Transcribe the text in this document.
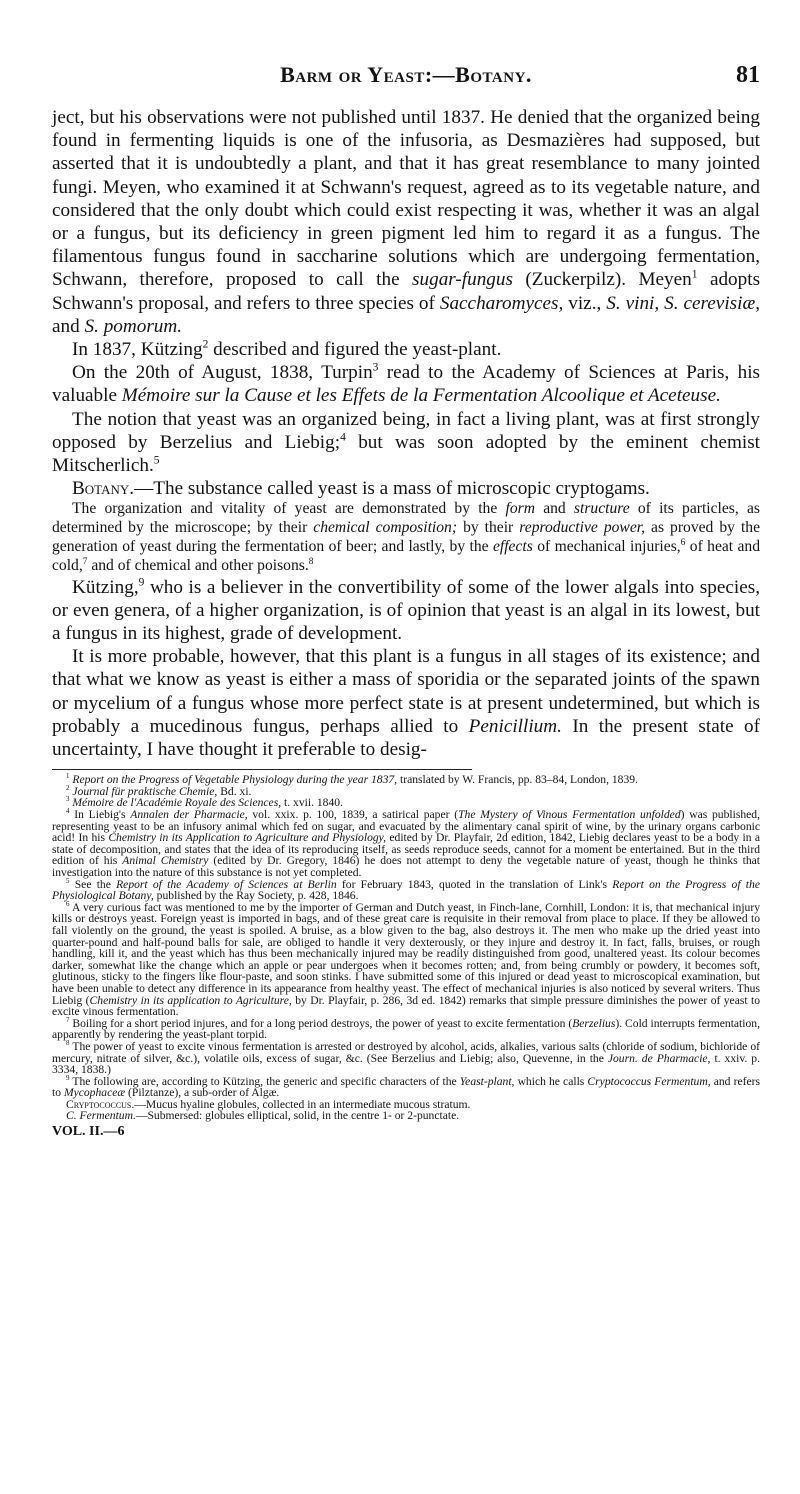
Barm or Yeast:—Botany.	81

ject, but his observations were not published until 1837. He denied that the organized being found in fermenting liquids is one of the infusoria, as Desmazières had supposed, but asserted that it is undoubtedly a plant, and that it has great resemblance to many jointed fungi. Meyen, who examined it at Schwann's request, agreed as to its vegetable nature, and considered that the only doubt which could exist respecting it was, whether it was an algal or a fungus, but its deficiency in green pigment led him to regard it as a fungus. The filamentous fungus found in saccharine solutions which are undergoing fermentation, Schwann, therefore, proposed to call the sugar-fungus (Zuckerpilz). Meyen$^1$ adopts Schwann's proposal, and refers to three species of Saccharomyces, viz., S. vini, S. cerevisiæ, and S. pomorum.

In 1837, Kützing$^2$ described and figured the yeast-plant.

On the 20th of August, 1838, Turpin$^3$ read to the Academy of Sciences at Paris, his valuable Mémoire sur la Cause et les Effets de la Fermentation Alcoolique et Aceteuse.

The notion that yeast was an organized being, in fact a living plant, was at first strongly opposed by Berzelius and Liebig;$^4$ but was soon adopted by the eminent chemist Mitscherlich.$^5$

Botany.—The substance called yeast is a mass of microscopic cryptogams.

The organization and vitality of yeast are demonstrated by the form and structure of its particles, as determined by the microscope; by their chemical composition; by their reproductive power, as proved by the generation of yeast during the fermentation of beer; and lastly, by the effects of mechanical injuries,$^6$ of heat and cold,$^7$ and of chemical and other poisons.$^8$

Kützing,$^9$ who is a believer in the convertibility of some of the lower algals into species, or even genera, of a higher organization, is of opinion that yeast is an algal in its lowest, but a fungus in its highest, grade of development.

It is more probable, however, that this plant is a fungus in all stages of its existence; and that what we know as yeast is either a mass of sporidia or the separated joints of the spawn or mycelium of a fungus whose more perfect state is at present undetermined, but which is probably a mucedinous fungus, perhaps allied to Penicillium. In the present state of uncertainty, I have thought it preferable to desig-

$^1$ Report on the Progress of Vegetable Physiology during the year 1837, translated by W. Francis, pp. 83–84, London, 1839.

$^2$ Journal für praktische Chemie, Bd. xi.

$^3$ Mémoire de l'Académie Royale des Sciences, t. xvii. 1840.

$^4$ In Liebig's Annalen der Pharmacie, vol. xxix. p. 100, 1839, a satirical paper (The Mystery of Vinous Fermentation unfolded) was published, representing yeast to be an infusory animal which fed on sugar, and evacuated by the alimentary canal spirit of wine, by the urinary organs carbonic acid! In his Chemistry in its Application to Agriculture and Physiology, edited by Dr. Playfair, 2d edition, 1842, Liebig declares yeast to be a body in a state of decomposition, and states that the idea of its reproducing itself, as seeds reproduce seeds, cannot for a moment be entertained. But in the third edition of his Animal Chemistry (edited by Dr. Gregory, 1846) he does not attempt to deny the vegetable nature of yeast, though he thinks that investigation into the nature of this substance is not yet completed.

$^5$ See the Report of the Academy of Sciences at Berlin for February 1843, quoted in the translation of Link's Report on the Progress of the Physiological Botany, published by the Ray Society, p. 428, 1846.

$^6$ A very curious fact was mentioned to me by the importer of German and Dutch yeast, in Finch-lane, Cornhill, London: it is, that mechanical injury kills or destroys yeast. Foreign yeast is imported in bags, and of these great care is requisite in their removal from place to place. If they be allowed to fall violently on the ground, the yeast is spoiled. A bruise, as a blow given to the bag, also destroys it. The men who make up the dried yeast into quarter-pound and half-pound balls for sale, are obliged to handle it very dexterously, or they injure and destroy it. In fact, falls, bruises, or rough handling, kill it, and the yeast which has thus been mechanically injured may be readily distinguished from good, unaltered yeast. Its colour becomes darker, somewhat like the change which an apple or pear undergoes when it becomes rotten; and, from being crumbly or powdery, it becomes soft, glutinous, sticky to the fingers like flour-paste, and soon stinks. I have submitted some of this injured or dead yeast to microscopical examination, but have been unable to detect any difference in its appearance from healthy yeast. The effect of mechanical injuries is also noticed by several writers. Thus Liebig (Chemistry in its application to Agriculture, by Dr. Playfair, p. 286, 3d ed. 1842) remarks that simple pressure diminishes the power of yeast to excite vinous fermentation.

$^7$ Boiling for a short period injures, and for a long period destroys, the power of yeast to excite fermentation (Berzelius). Cold interrupts fermentation, apparently by rendering the yeast-plant torpid.

$^8$ The power of yeast to excite vinous fermentation is arrested or destroyed by alcohol, acids, alkalies, various salts (chloride of sodium, bichloride of mercury, nitrate of silver, &c.), volatile oils, excess of sugar, &c. (See Berzelius and Liebig; also, Quevenne, in the Journ. de Pharmacie, t. xxiv. p. 3334, 1838.)

$^9$ The following are, according to Kützing, the generic and specific characters of the Yeast-plant, which he calls Cryptococcus Fermentum, and refers to Mycophaceæ (Pilztanze), a sub-order of Algæ.

Cryptococcus.—Mucus hyaline globules, collected in an intermediate mucous stratum.

C. Fermentum.—Submersed: globules elliptical, solid, in the centre 1- or 2-punctate.

VOL. II.—6
